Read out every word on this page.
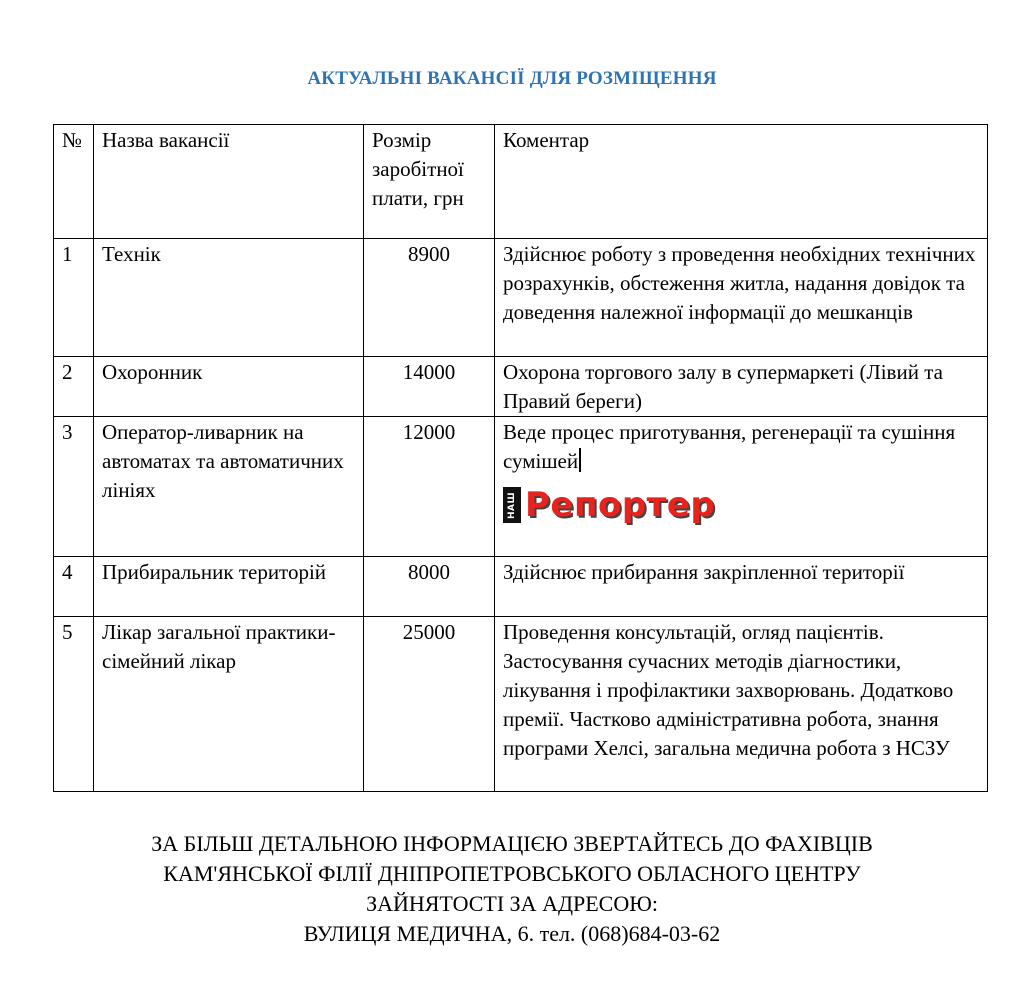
АКТУАЛЬНІ ВАКАНСІЇ ДЛЯ РОЗМІЩЕННЯ
№	Назва вакансії	Розмір заробітної плати, грн	Коментар
1	Технік	8900	Здійснює роботу з проведення необхідних технічних розрахунків, обстеження житла, надання довідок та доведення належної інформації до мешканців
2	Охоронник	14000	Охорона торгового залу в супермаркеті (Лівий та Правий береги)
3	Оператор-ливарник на автоматах та автоматичних лініях	12000	Веде процес приготування, регенерації та сушіння сумішей
НАШ Репортер

4	Прибиральник територій	8000	Здійснює прибирання закріпленної території
5	Лікар загальної практики-сімейний лікар	25000	Проведення консультацій, огляд пацієнтів. Застосування сучасних методів діагностики, лікування і профілактики захворювань. Додатково премії. Частково адміністративна робота, знання програми Хелсі, загальна медична робота з НСЗУ
ЗА БІЛЬШ ДЕТАЛЬНОЮ ІНФОРМАЦІЄЮ ЗВЕРТАЙТЕСЬ ДО ФАХІВЦІВ
КАМ'ЯНСЬКОЇ ФІЛІЇ ДНІПРОПЕТРОВСЬКОГО ОБЛАСНОГО ЦЕНТРУ
ЗАЙНЯТОСТІ ЗА АДРЕСОЮ:
ВУЛИЦЯ МЕДИЧНА, 6. тел. (068)684-03-62
